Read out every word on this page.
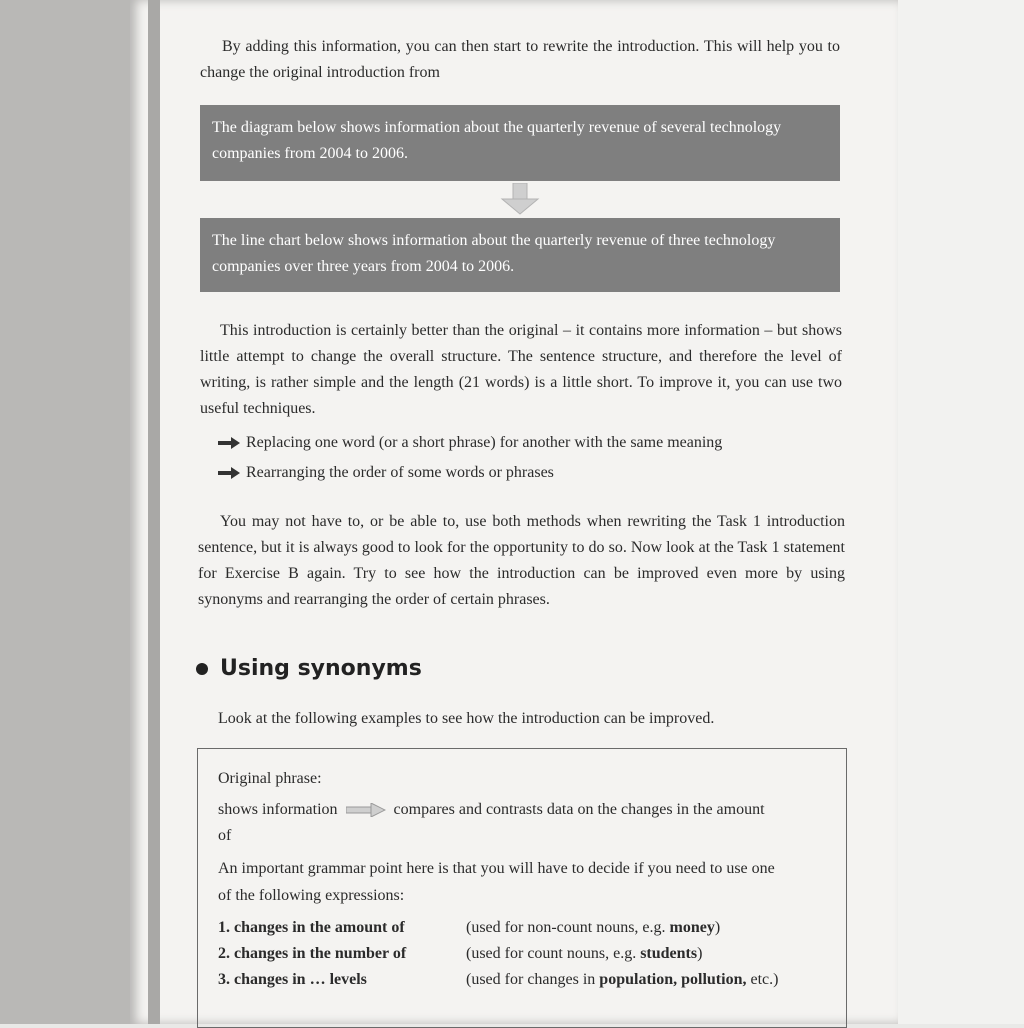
By adding this information, you can then start to rewrite the introduction. This will help you to change the original introduction from
The diagram below shows information about the quarterly revenue of several technology companies from 2004 to 2006.
The line chart below shows information about the quarterly revenue of three technology companies over three years from 2004 to 2006.
This introduction is certainly better than the original – it contains more information – but shows little attempt to change the overall structure. The sentence structure, and therefore the level of writing, is rather simple and the length (21 words) is a little short. To improve it, you can use two useful techniques.
Replacing one word (or a short phrase) for another with the same meaning
Rearranging the order of some words or phrases
You may not have to, or be able to, use both methods when rewriting the Task 1 introduction sentence, but it is always good to look for the opportunity to do so. Now look at the Task 1 statement for Exercise B again. Try to see how the introduction can be improved even more by using synonyms and rearranging the order of certain phrases.
Using synonyms
Look at the following examples to see how the introduction can be improved.
Original phrase:
shows information	compares and contrasts data on the changes in the amount
of
An important grammar point here is that you will have to decide if you need to use one
of the following expressions:
1. changes in the amount of	(used for non-count nouns, e.g. money)
2. changes in the number of	(used for count nouns, e.g. students)
3. changes in … levels	(used for changes in population, pollution, etc.)
